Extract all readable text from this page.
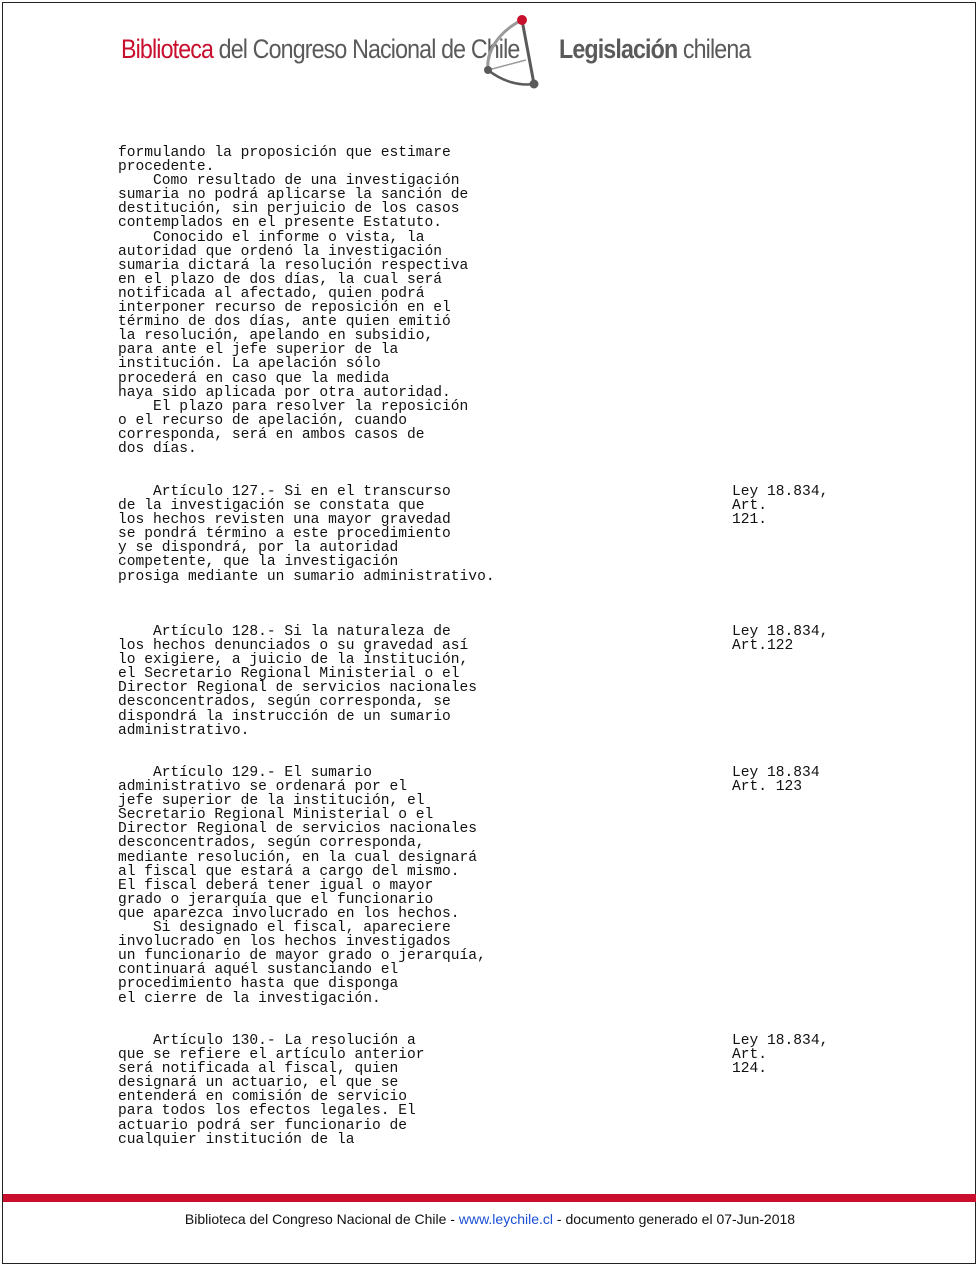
Biblioteca del Congreso Nacional de Chile Legislación chilena
formulando la proposición que estimare
procedente.
Como resultado de una investigación
sumaria no podrá aplicarse la sanción de
destitución, sin perjuicio de los casos
contemplados en el presente Estatuto.
Conocido el informe o vista, la
autoridad que ordenó la investigación
sumaria dictará la resolución respectiva
en el plazo de dos días, la cual será
notificada al afectado, quien podrá
interponer recurso de reposición en el
término de dos días, ante quien emitió
la resolución, apelando en subsidio,
para ante el jefe superior de la
institución. La apelación sólo
procederá en caso que la medida
haya sido aplicada por otra autoridad.
El plazo para resolver la reposición
o el recurso de apelación, cuando
corresponda, será en ambos casos de
dos días.
Artículo 127.- Si en el transcurso
de la investigación se constata que
los hechos revisten una mayor gravedad
se pondrá término a este procedimiento
y se dispondrá, por la autoridad
competente, que la investigación
prosiga mediante un sumario administrativo.
Ley 18.834,
Art.
121.
Artículo 128.- Si la naturaleza de
los hechos denunciados o su gravedad así
lo exigiere, a juicio de la institución,
el Secretario Regional Ministerial o el
Director Regional de servicios nacionales
desconcentrados, según corresponda, se
dispondrá la instrucción de un sumario
administrativo.
Ley 18.834,
Art.122
Artículo 129.- El sumario
administrativo se ordenará por el
jefe superior de la institución, el
Secretario Regional Ministerial o el
Director Regional de servicios nacionales
desconcentrados, según corresponda,
mediante resolución, en la cual designará
al fiscal que estará a cargo del mismo.
El fiscal deberá tener igual o mayor
grado o jerarquía que el funcionario
que aparezca involucrado en los hechos.
Si designado el fiscal, apareciere
involucrado en los hechos investigados
un funcionario de mayor grado o jerarquía,
continuará aquél sustanciando el
procedimiento hasta que disponga
el cierre de la investigación.
Ley 18.834
Art. 123
Artículo 130.- La resolución a
que se refiere el artículo anterior
será notificada al fiscal, quien
designará un actuario, el que se
entenderá en comisión de servicio
para todos los efectos legales. El
actuario podrá ser funcionario de
cualquier institución de la
Ley 18.834,
Art.
124.
Biblioteca del Congreso Nacional de Chile - www.leychile.cl - documento generado el 07-Jun-2018
